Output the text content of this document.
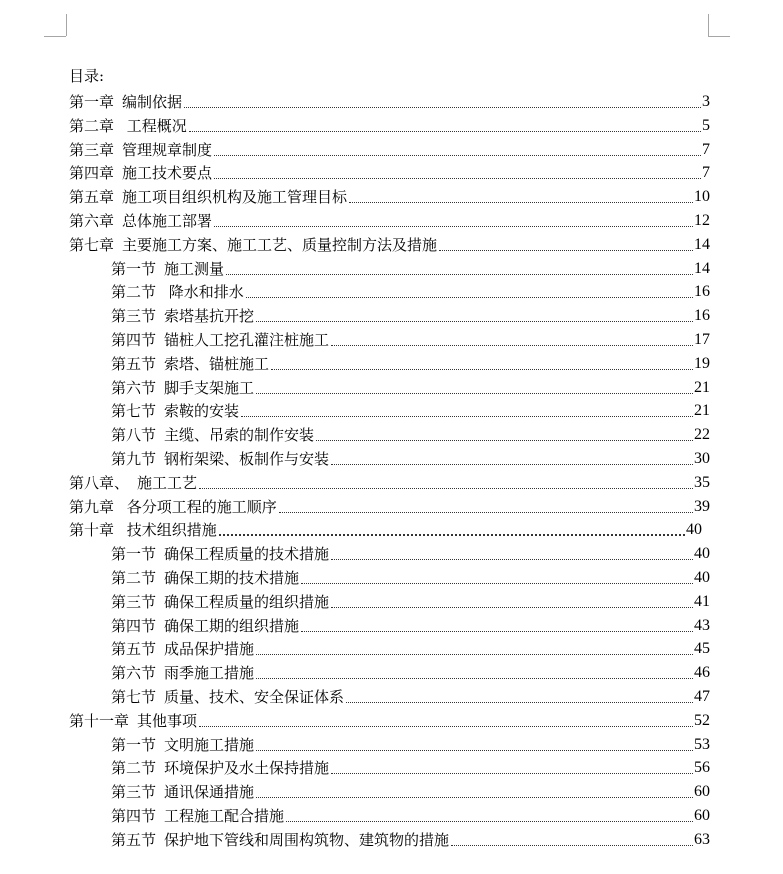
目录:
第一章 编制依据	3
第二章 工程概况	5
第三章 管理规章制度	7
第四章 施工技术要点	7
第五章 施工项目组织机构及施工管理目标	10
第六章 总体施工部署	12
第七章 主要施工方案、施工工艺、质量控制方法及措施	14
第一节 施工测量	14
第二节 降水和排水	16
第三节 索塔基抗开挖	16
第四节 锚桩人工挖孔灌注桩施工	17
第五节 索塔、锚桩施工	19
第六节 脚手支架施工	21
第七节 索鞍的安装	21
第八节 主缆、吊索的制作安装	22
第九节 钢桁架梁、板制作与安装	30
第八章、 施工工艺	35
第九章 各分项工程的施工顺序	39
第十章 技术组织措施	40
第一节 确保工程质量的技术措施	40
第二节 确保工期的技术措施	40
第三节 确保工程质量的组织措施	41
第四节 确保工期的组织措施	43
第五节 成品保护措施	45
第六节 雨季施工措施	46
第七节 质量、技术、安全保证体系	47
第十一章 其他事项	52
第一节 文明施工措施	53
第二节 环境保护及水土保持措施	56
第三节 通讯保通措施	60
第四节 工程施工配合措施	60
第五节 保护地下管线和周围构筑物、建筑物的措施	63
